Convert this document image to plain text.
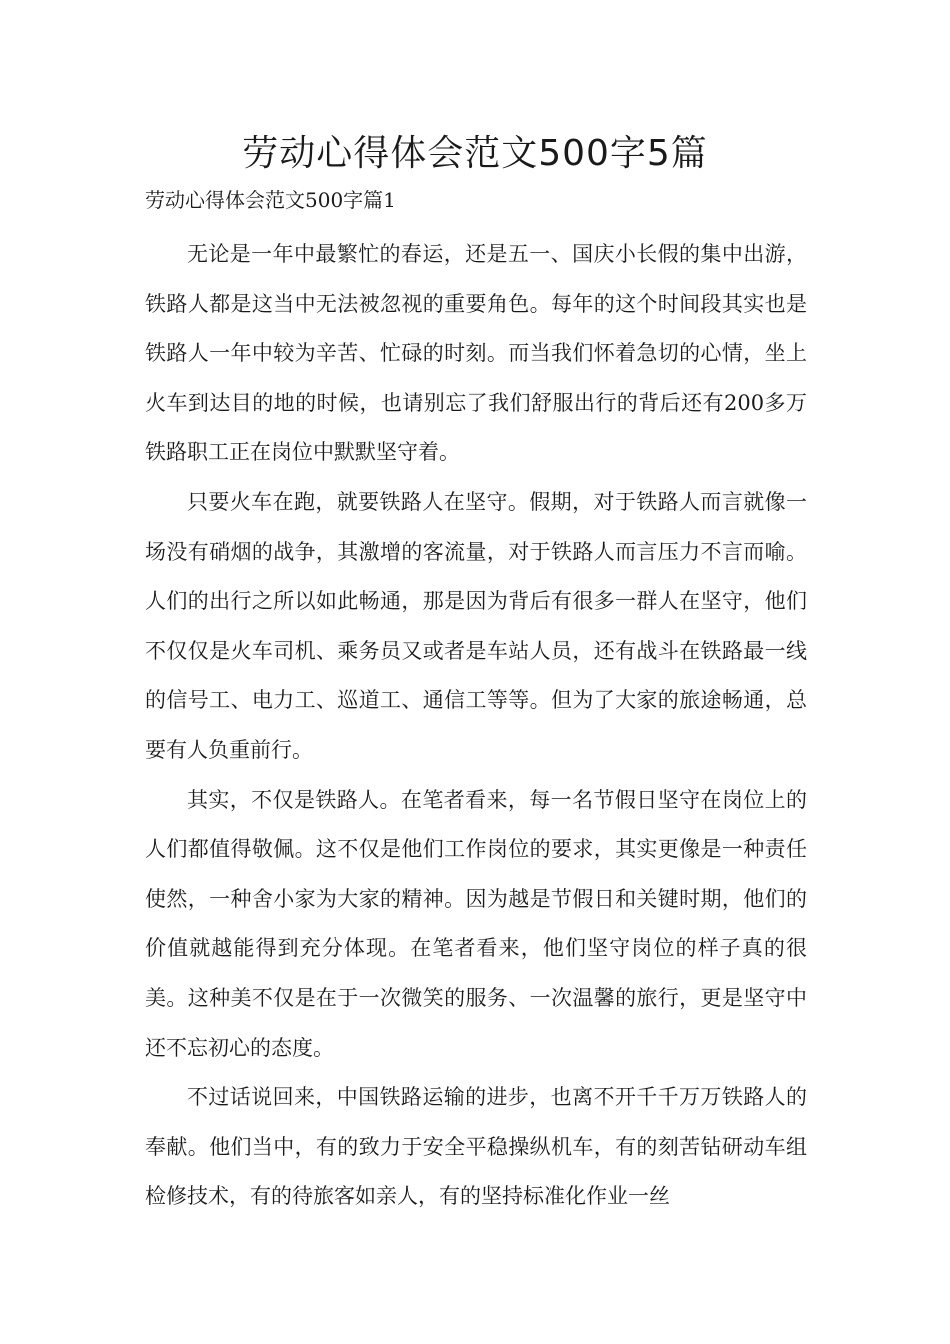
劳动心得体会范文500字5篇
劳动心得体会范文500字篇1

无论是一年中最繁忙的春运，还是五一、国庆小长假的集中出游，铁路人都是这当中无法被忽视的重要角色。每年的这个时间段其实也是铁路人一年中较为辛苦、忙碌的时刻。而当我们怀着急切的心情，坐上火车到达目的地的时候，也请别忘了我们舒服出行的背后还有200多万铁路职工正在岗位中默默坚守着。

只要火车在跑，就要铁路人在坚守。假期，对于铁路人而言就像一场没有硝烟的战争，其激增的客流量，对于铁路人而言压力不言而喻。人们的出行之所以如此畅通，那是因为背后有很多一群人在坚守，他们不仅仅是火车司机、乘务员又或者是车站人员，还有战斗在铁路最一线的信号工、电力工、巡道工、通信工等等。但为了大家的旅途畅通，总要有人负重前行。

其实，不仅是铁路人。在笔者看来，每一名节假日坚守在岗位上的人们都值得敬佩。这不仅是他们工作岗位的要求，其实更像是一种责任使然，一种舍小家为大家的精神。因为越是节假日和关键时期，他们的价值就越能得到充分体现。在笔者看来，他们坚守岗位的样子真的很美。这种美不仅是在于一次微笑的服务、一次温馨的旅行，更是坚守中还不忘初心的态度。

不过话说回来，中国铁路运输的进步，也离不开千千万万铁路人的奉献。他们当中，有的致力于安全平稳操纵机车，有的刻苦钻研动车组检修技术，有的待旅客如亲人，有的坚持标准化作业一丝
